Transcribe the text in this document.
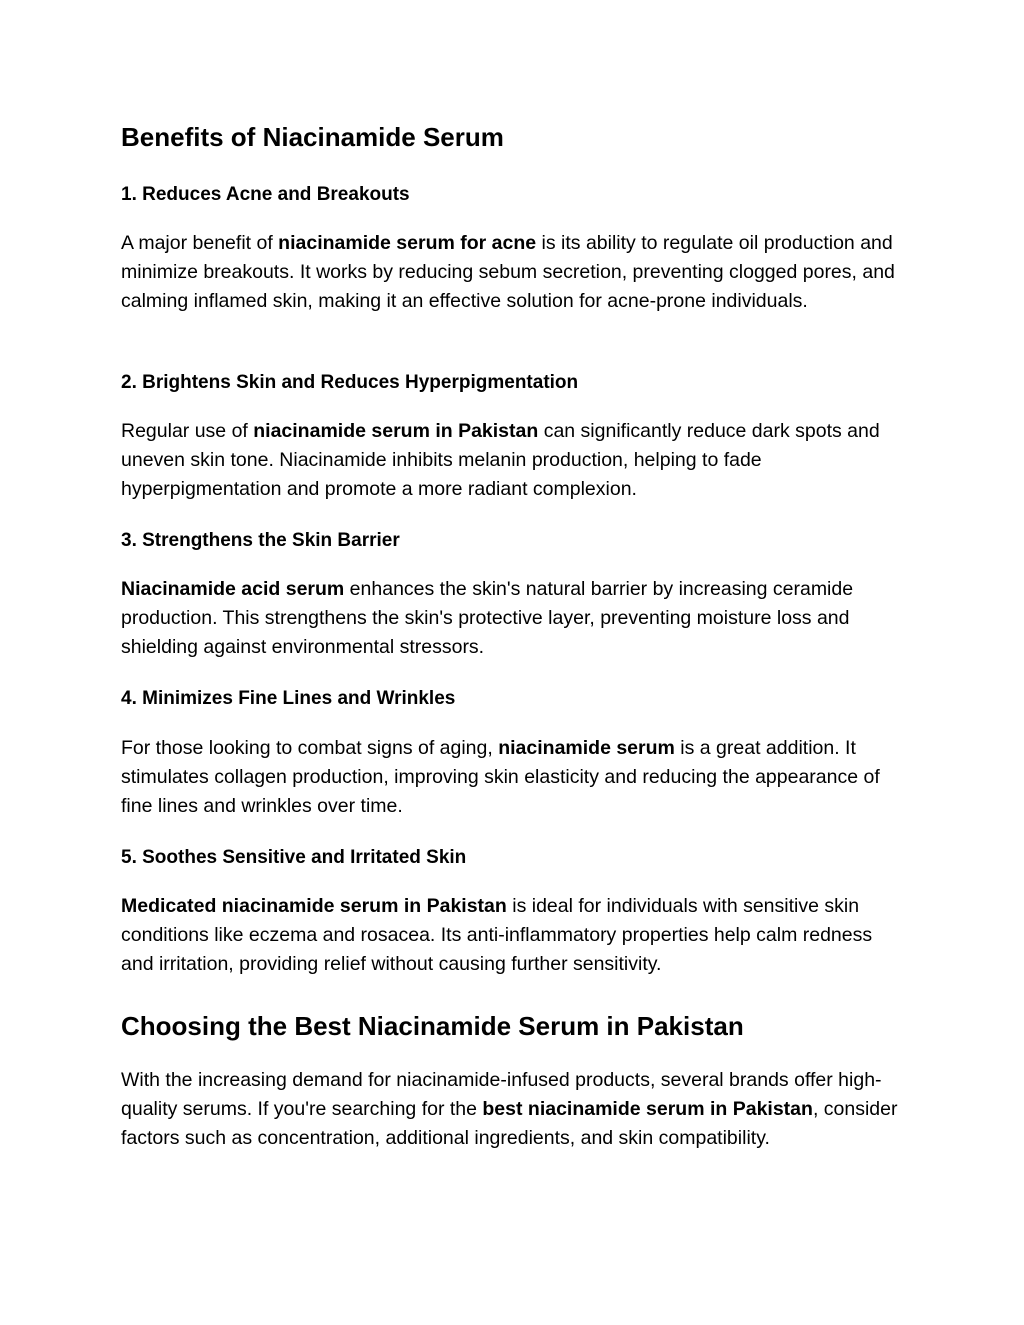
Benefits of Niacinamide Serum
1. Reduces Acne and Breakouts

A major benefit of niacinamide serum for acne is its ability to regulate oil production and minimize breakouts. It works by reducing sebum secretion, preventing clogged pores, and calming inflamed skin, making it an effective solution for acne-prone individuals.

2. Brightens Skin and Reduces Hyperpigmentation

Regular use of niacinamide serum in Pakistan can significantly reduce dark spots and uneven skin tone. Niacinamide inhibits melanin production, helping to fade hyperpigmentation and promote a more radiant complexion.

3. Strengthens the Skin Barrier

Niacinamide acid serum enhances the skin's natural barrier by increasing ceramide production. This strengthens the skin's protective layer, preventing moisture loss and shielding against environmental stressors.

4. Minimizes Fine Lines and Wrinkles

For those looking to combat signs of aging, niacinamide serum is a great addition. It stimulates collagen production, improving skin elasticity and reducing the appearance of fine lines and wrinkles over time.

5. Soothes Sensitive and Irritated Skin

Medicated niacinamide serum in Pakistan is ideal for individuals with sensitive skin conditions like eczema and rosacea. Its anti-inflammatory properties help calm redness and irritation, providing relief without causing further sensitivity.

Choosing the Best Niacinamide Serum in Pakistan

With the increasing demand for niacinamide-infused products, several brands offer high-quality serums. If you're searching for the best niacinamide serum in Pakistan, consider factors such as concentration, additional ingredients, and skin compatibility.
